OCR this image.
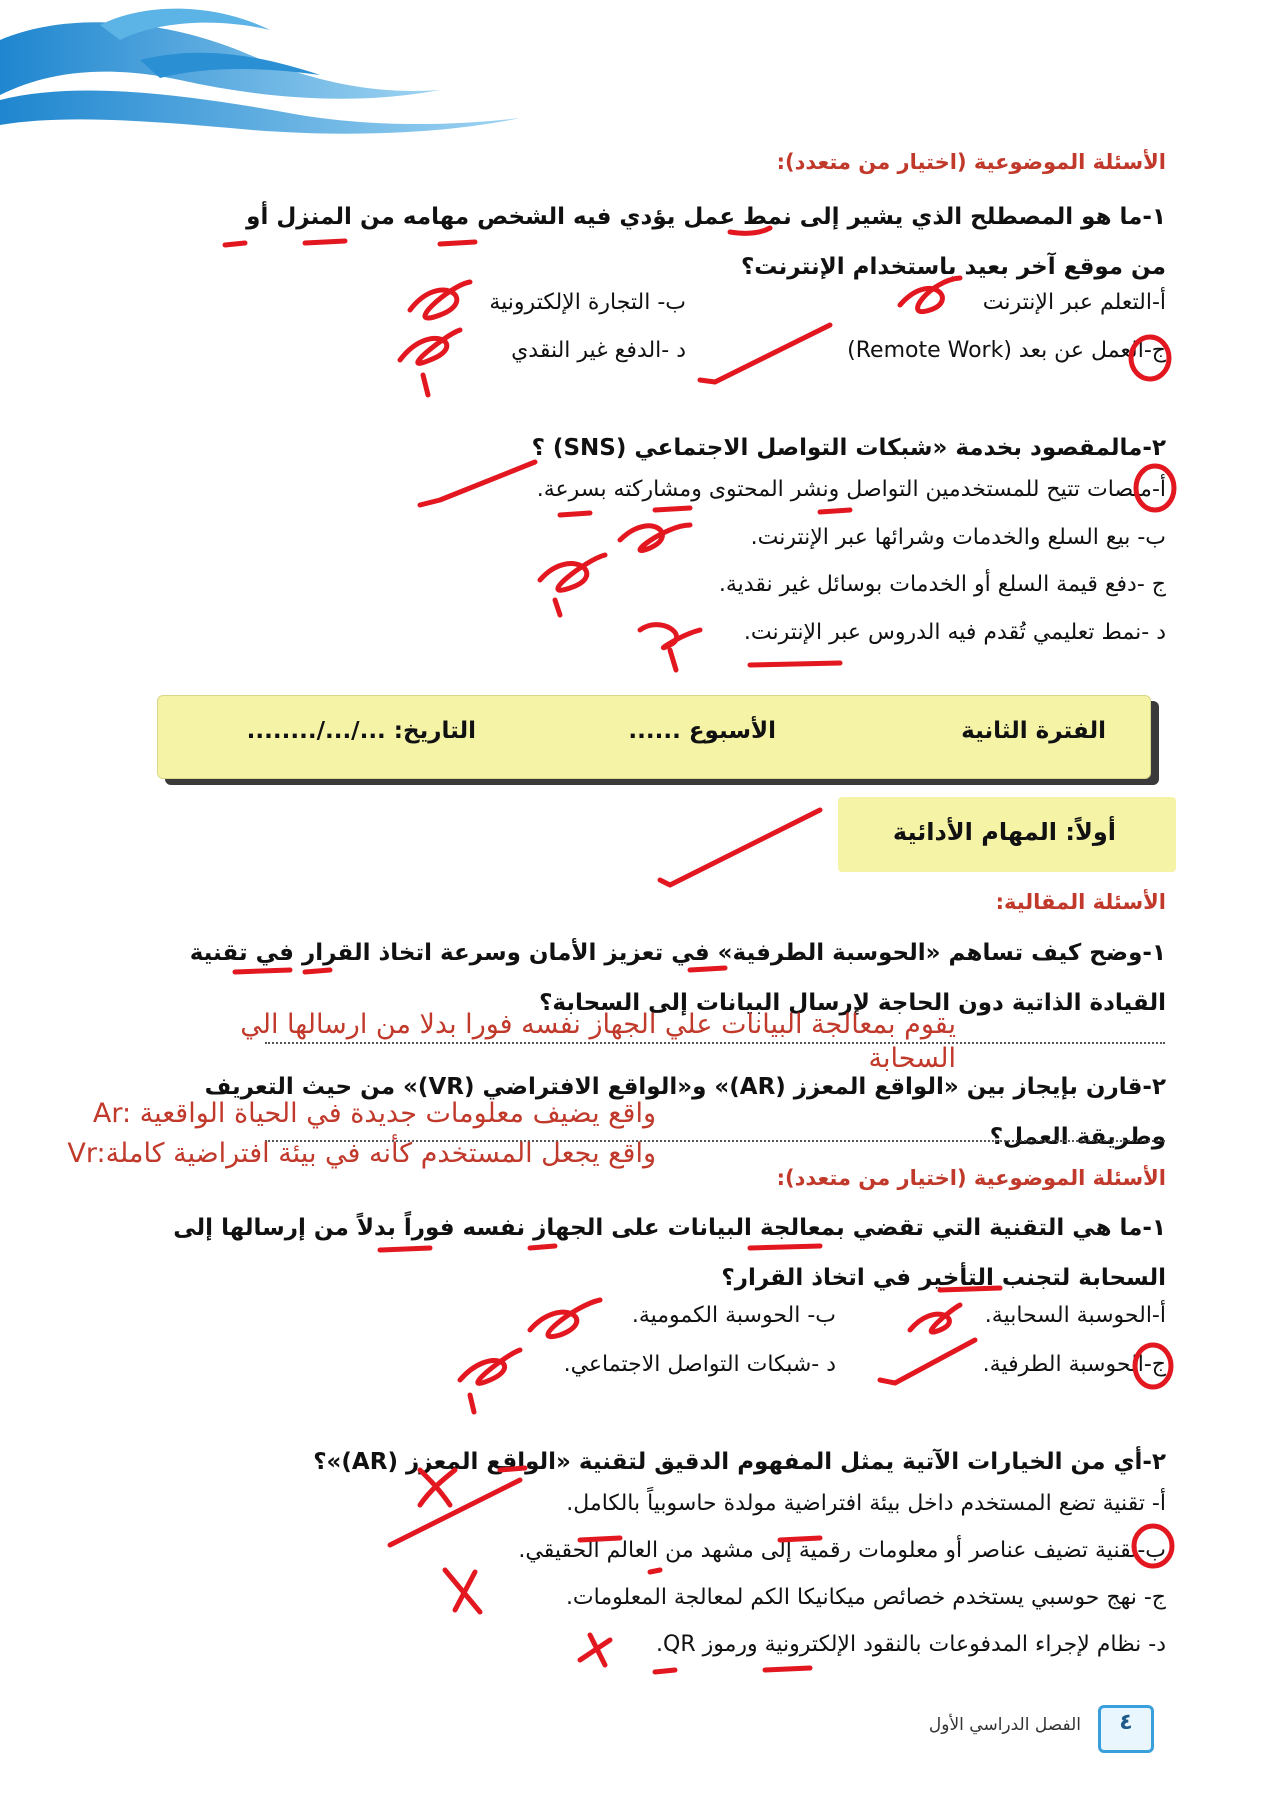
الأسئلة الموضوعية (اختيار من متعدد):
١-ما هو المصطلح الذي يشير إلى نمط عمل يؤدي فيه الشخص مهامه من المنزل أو من موقع آخر بعيد باستخدام الإنترنت؟
أ-التعلم عبر الإنترنت
ب- التجارة الإلكترونية
ج-العمل عن بعد (Remote Work)
د -الدفع غير النقدي
٢-مالمقصود بخدمة «شبكات التواصل الاجتماعي (SNS) ؟
أ-منصات تتيح للمستخدمين التواصل ونشر المحتوى ومشاركته بسرعة.
ب- بيع السلع والخدمات وشرائها عبر الإنترنت.
ج -دفع قيمة السلع أو الخدمات بوسائل غير نقدية.
د -نمط تعليمي تُقدم فيه الدروس عبر الإنترنت.
الفترة الثانية
الأسبوع ......
التاريخ: .../.../........
أولاً: المهام الأدائية
الأسئلة المقالية:
١-وضح كيف تساهم «الحوسبة الطرفية» في تعزيز الأمان وسرعة اتخاذ القرار في تقنية القيادة الذاتية دون الحاجة لإرسال البيانات إلى السحابة؟
يقوم بمعالجة البيانات علي الجهاز نفسه فورا بدلا من ارسالها الي السحابة
٢-قارن بإيجاز بين «الواقع المعزز (AR)» و«الواقع الافتراضي (VR)» من حيث التعريف وطريقة العمل؟
Ar: واقع يضيف معلومات جديدة في الحياة الواقعية
Vr:واقع يجعل المستخدم كأنه في بيئة افتراضية كاملة
الأسئلة الموضوعية (اختيار من متعدد):
١-ما هي التقنية التي تقضي بمعالجة البيانات على الجهاز نفسه فوراً بدلاً من إرسالها إلى السحابة لتجنب التأخير في اتخاذ القرار؟
أ-الحوسبة السحابية.
ب- الحوسبة الكمومية.
ج-الحوسبة الطرفية.
د -شبكات التواصل الاجتماعي.
٢-أي من الخيارات الآتية يمثل المفهوم الدقيق لتقنية «الواقع المعزز (AR)»؟
أ- تقنية تضع المستخدم داخل بيئة افتراضية مولدة حاسوبياً بالكامل.
ب-تقنية تضيف عناصر أو معلومات رقمية إلى مشهد من العالم الحقيقي.
ج- نهج حوسبي يستخدم خصائص ميكانيكا الكم لمعالجة المعلومات.
د- نظام لإجراء المدفوعات بالنقود الإلكترونية ورموز QR.
٤
الفصل الدراسي الأول
